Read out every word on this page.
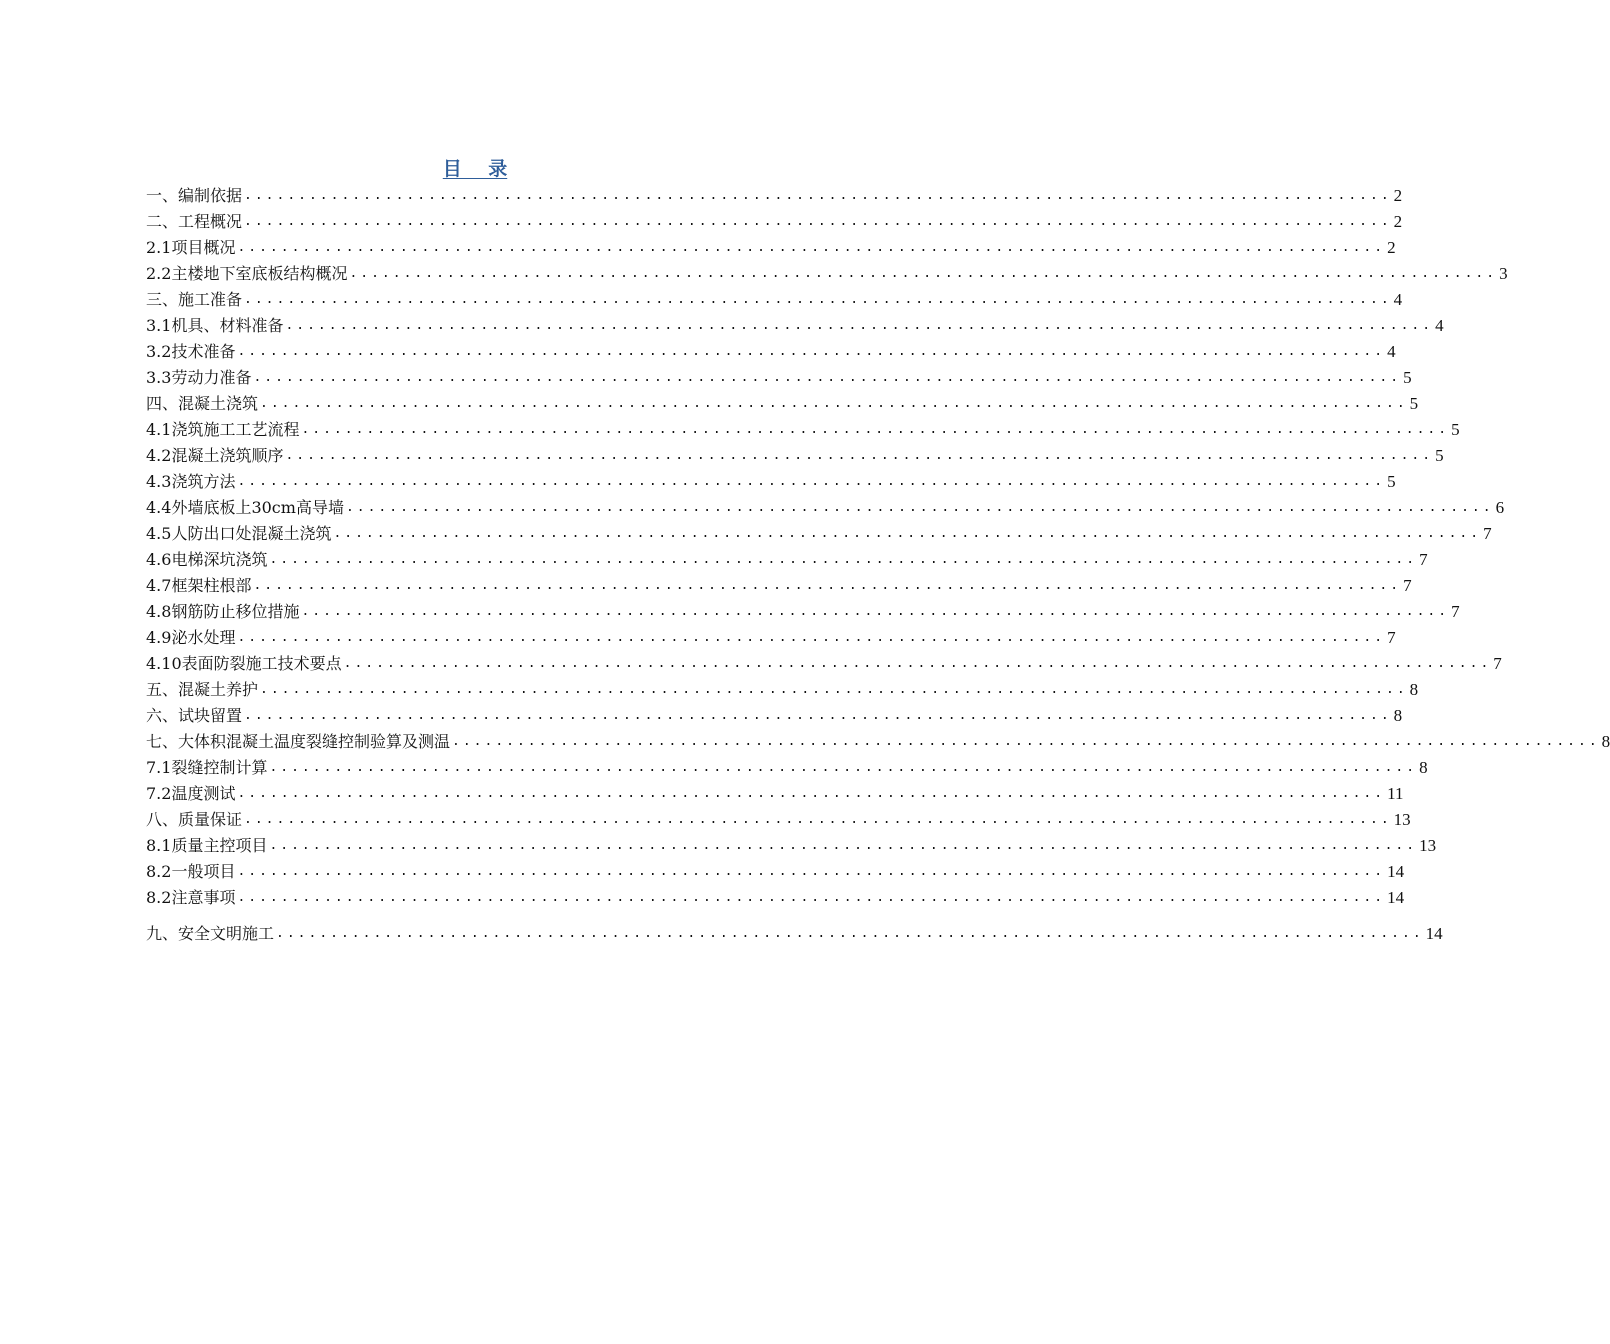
目    录
一、编制依据 .......................................................................................................... 2
二、工程概况 .......................................................................................................... 2
2.1项目概况 .......................................................................................................... 2
2.2主楼地下室底板结构概况 .......................................................................................................... 3
三、施工准备 .......................................................................................................... 4
3.1机具、材料准备 .......................................................................................................... 4
3.2技术准备 .......................................................................................................... 4
3.3劳动力准备 .......................................................................................................... 5
四、混凝土浇筑 .......................................................................................................... 5
4.1浇筑施工工艺流程 .......................................................................................................... 5
4.2混凝土浇筑顺序 .......................................................................................................... 5
4.3浇筑方法 .......................................................................................................... 5
4.4外墙底板上30cm高导墙 .......................................................................................................... 6
4.5人防出口处混凝土浇筑 .......................................................................................................... 7
4.6电梯深坑浇筑 .......................................................................................................... 7
4.7框架柱根部 .......................................................................................................... 7
4.8钢筋防止移位措施 .......................................................................................................... 7
4.9泌水处理 .......................................................................................................... 7
4.10表面防裂施工技术要点 .......................................................................................................... 7
五、混凝土养护 .......................................................................................................... 8
六、试块留置 .......................................................................................................... 8
七、大体积混凝土温度裂缝控制验算及测温 .......................................................................................................... 8
7.1裂缝控制计算 .......................................................................................................... 8
7.2温度测试 .......................................................................................................... 11
八、质量保证 .......................................................................................................... 13
8.1质量主控项目 .......................................................................................................... 13
8.2一般项目 .......................................................................................................... 14
8.2注意事项 .......................................................................................................... 14
九、安全文明施工 .......................................................................................................... 14
